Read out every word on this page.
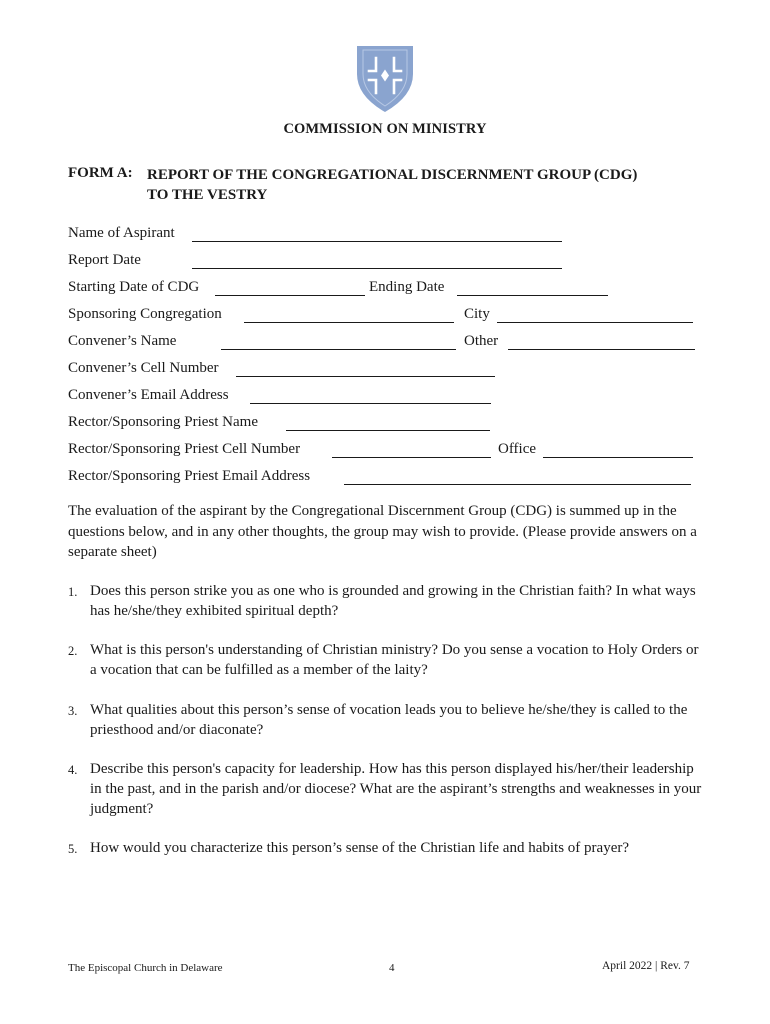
COMMISSION ON MINISTRY
FORM A: REPORT OF THE CONGREGATIONAL DISCERNMENT GROUP (CDG)
TO THE VESTRY
Name of Aspirant
Report Date
Starting Date of CDG	Ending Date
Sponsoring Congregation	City
Convener’s Name	Other
Convener’s Cell Number
Convener’s Email Address
Rector/Sponsoring Priest Name
Rector/Sponsoring Priest Cell Number	Office
Rector/Sponsoring Priest Email Address
The evaluation of the aspirant by the Congregational Discernment Group (CDG) is summed up in the questions below, and in any other thoughts, the group may wish to provide. (Please provide answers on a separate sheet)
1. Does this person strike you as one who is grounded and growing in the Christian faith? In what ways has he/she/they exhibited spiritual depth?
2. What is this person's understanding of Christian ministry? Do you sense a vocation to Holy Orders or a vocation that can be fulfilled as a member of the laity?
3. What qualities about this person’s sense of vocation leads you to believe he/she/they is called to the priesthood and/or diaconate?
4. Describe this person's capacity for leadership. How has this person displayed his/her/their leadership in the past, and in the parish and/or diocese? What are the aspirant’s strengths and weaknesses in your judgment?
5. How would you characterize this person’s sense of the Christian life and habits of prayer?
The Episcopal Church in Delaware	4	April 2022 | Rev. 7
